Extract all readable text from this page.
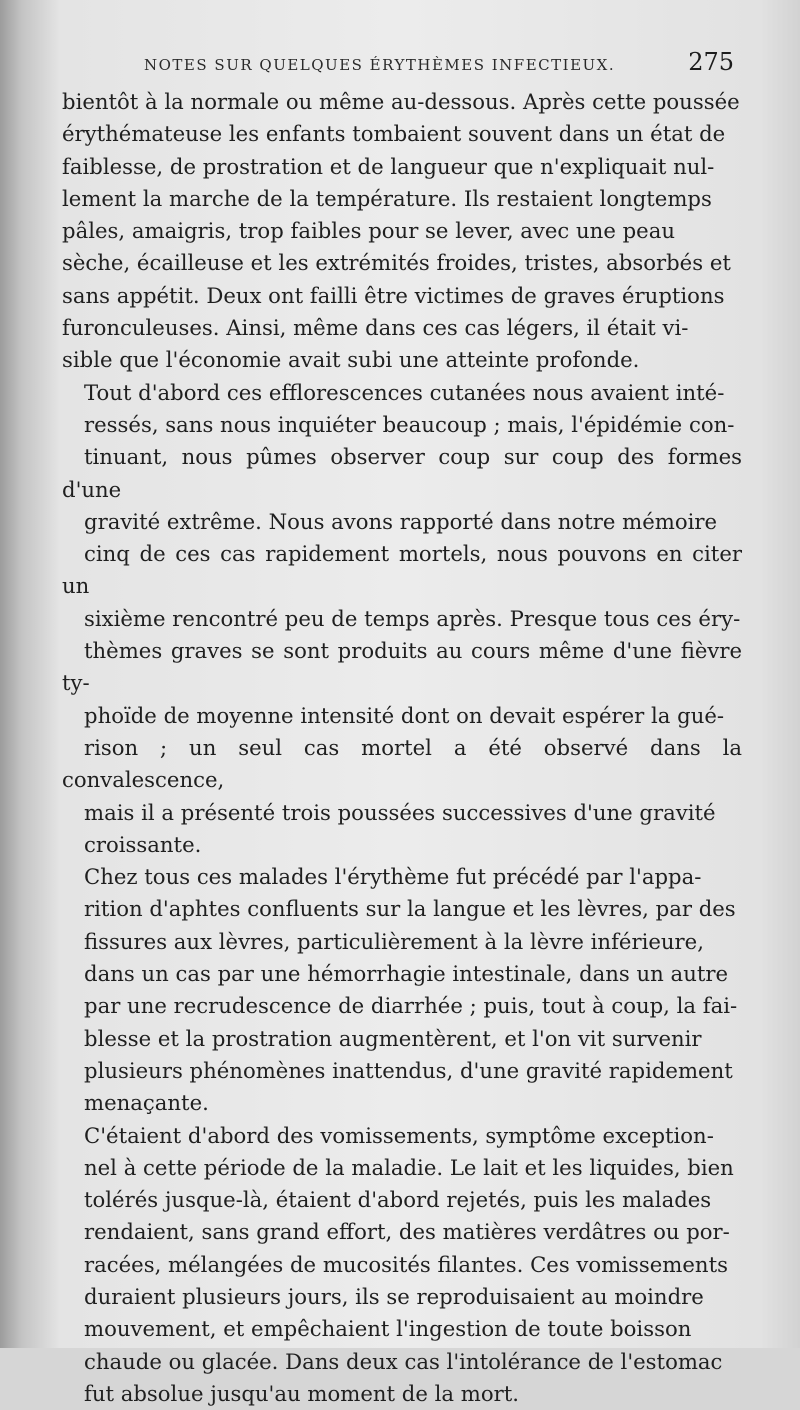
NOTES SUR QUELQUES ÉRYTHÈMES INFECTIEUX.	275

bientôt à la normale ou même au-dessous. Après cette poussée
érythémateuse les enfants tombaient souvent dans un état de
faiblesse, de prostration et de langueur que n'expliquait nul-
lement la marche de la température. Ils restaient longtemps
pâles, amaigris, trop faibles pour se lever, avec une peau
sèche, écailleuse et les extrémités froides, tristes, absorbés et
sans appétit. Deux ont failli être victimes de graves éruptions
furonculeuses. Ainsi, même dans ces cas légers, il était vi-
sible que l'économie avait subi une atteinte profonde.

Tout d'abord ces efflorescences cutanées nous avaient inté-
ressés, sans nous inquiéter beaucoup ; mais, l'épidémie con-
tinuant, nous pûmes observer coup sur coup des formes d'une
gravité extrême. Nous avons rapporté dans notre mémoire
cinq de ces cas rapidement mortels, nous pouvons en citer un
sixième rencontré peu de temps après. Presque tous ces éry-
thèmes graves se sont produits au cours même d'une fièvre ty-
phoïde de moyenne intensité dont on devait espérer la gué-
rison ; un seul cas mortel a été observé dans la convalescence,
mais il a présenté trois poussées successives d'une gravité
croissante.

Chez tous ces malades l'érythème fut précédé par l'appa-
rition d'aphtes confluents sur la langue et les lèvres, par des
fissures aux lèvres, particulièrement à la lèvre inférieure,
dans un cas par une hémorrhagie intestinale, dans un autre
par une recrudescence de diarrhée ; puis, tout à coup, la fai-
blesse et la prostration augmentèrent, et l'on vit survenir
plusieurs phénomènes inattendus, d'une gravité rapidement
menaçante.

C'étaient d'abord des vomissements, symptôme exception-
nel à cette période de la maladie. Le lait et les liquides, bien
tolérés jusque-là, étaient d'abord rejetés, puis les malades
rendaient, sans grand effort, des matières verdâtres ou por-
racées, mélangées de mucosités filantes. Ces vomissements
duraient plusieurs jours, ils se reproduisaient au moindre
mouvement, et empêchaient l'ingestion de toute boisson
chaude ou glacée. Dans deux cas l'intolérance de l'estomac
fut absolue jusqu'au moment de la mort.
